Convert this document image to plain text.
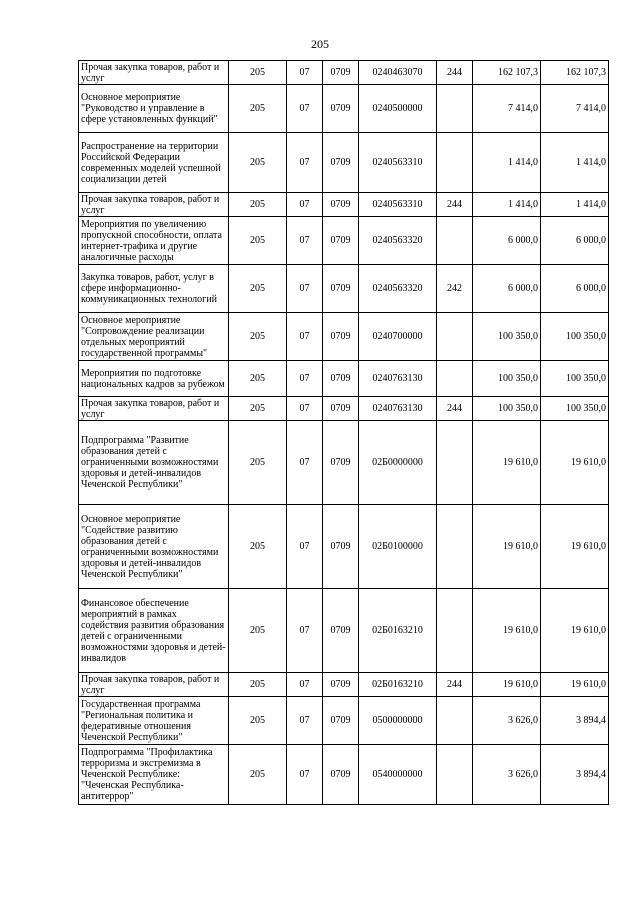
205
Прочая закупка товаров, работ и услуг	205	07	0709	0240463070	244	162 107,3	162 107,3
Основное мероприятие "Руководство и управление в сфере установленных функций"	205	07	0709	0240500000		7 414,0	7 414,0
Распространение на территории Российской Федерации современных моделей успешной социализации детей	205	07	0709	0240563310		1 414,0	1 414,0
Прочая закупка товаров, работ и услуг	205	07	0709	0240563310	244	1 414,0	1 414,0
Мероприятия по увеличению пропускной способности, оплата интернет-трафика и другие аналогичные расходы	205	07	0709	0240563320		6 000,0	6 000,0
Закупка товаров, работ, услуг в сфере информационно-коммуникационных технологий	205	07	0709	0240563320	242	6 000,0	6 000,0
Основное мероприятие "Сопровождение реализации отдельных мероприятий государственной программы"	205	07	0709	0240700000		100 350,0	100 350,0
Мероприятия по подготовке национальных кадров за рубежом	205	07	0709	0240763130		100 350,0	100 350,0
Прочая закупка товаров, работ и услуг	205	07	0709	0240763130	244	100 350,0	100 350,0
Подпрограмма "Развитие образования детей с ограниченными возможностями здоровья и детей-инвалидов Чеченской Республики"	205	07	0709	02Б0000000		19 610,0	19 610,0
Основное мероприятие "Содействие развитию образования детей с ограниченными возможностями здоровья и детей-инвалидов Чеченской Республики"	205	07	0709	02Б0100000		19 610,0	19 610,0
Финансовое обеспечение мероприятий в рамках содействия развития образования детей с ограниченными возможностями здоровья и детей-инвалидов	205	07	0709	02Б0163210		19 610,0	19 610,0
Прочая закупка товаров, работ и услуг	205	07	0709	02Б0163210	244	19 610,0	19 610,0
Государственная программа "Региональная политика и федеративные отношения Чеченской Республики"	205	07	0709	0500000000		3 626,0	3 894,4
Подпрограмма "Профилактика терроризма и экстремизма в Чеченской Республике: "Чеченская Республика-антитеррор"	205	07	0709	0540000000		3 626,0	3 894,4
